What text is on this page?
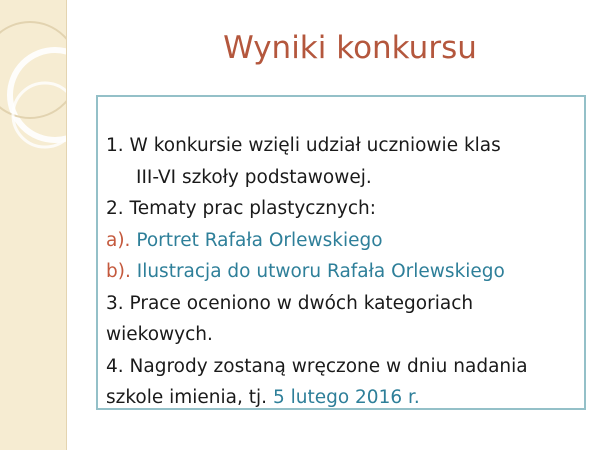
Wyniki konkursu
1. W konkursie wzięli udział uczniowie klas
III-VI szkoły podstawowej.
2. Tematy prac plastycznych:
a). Portret Rafała Orlewskiego
b). Ilustracja do utworu Rafała Orlewskiego
3. Prace oceniono w dwóch kategoriach
wiekowych.
4. Nagrody zostaną wręczone w dniu nadania
szkole imienia, tj. 5 lutego 2016 r.
